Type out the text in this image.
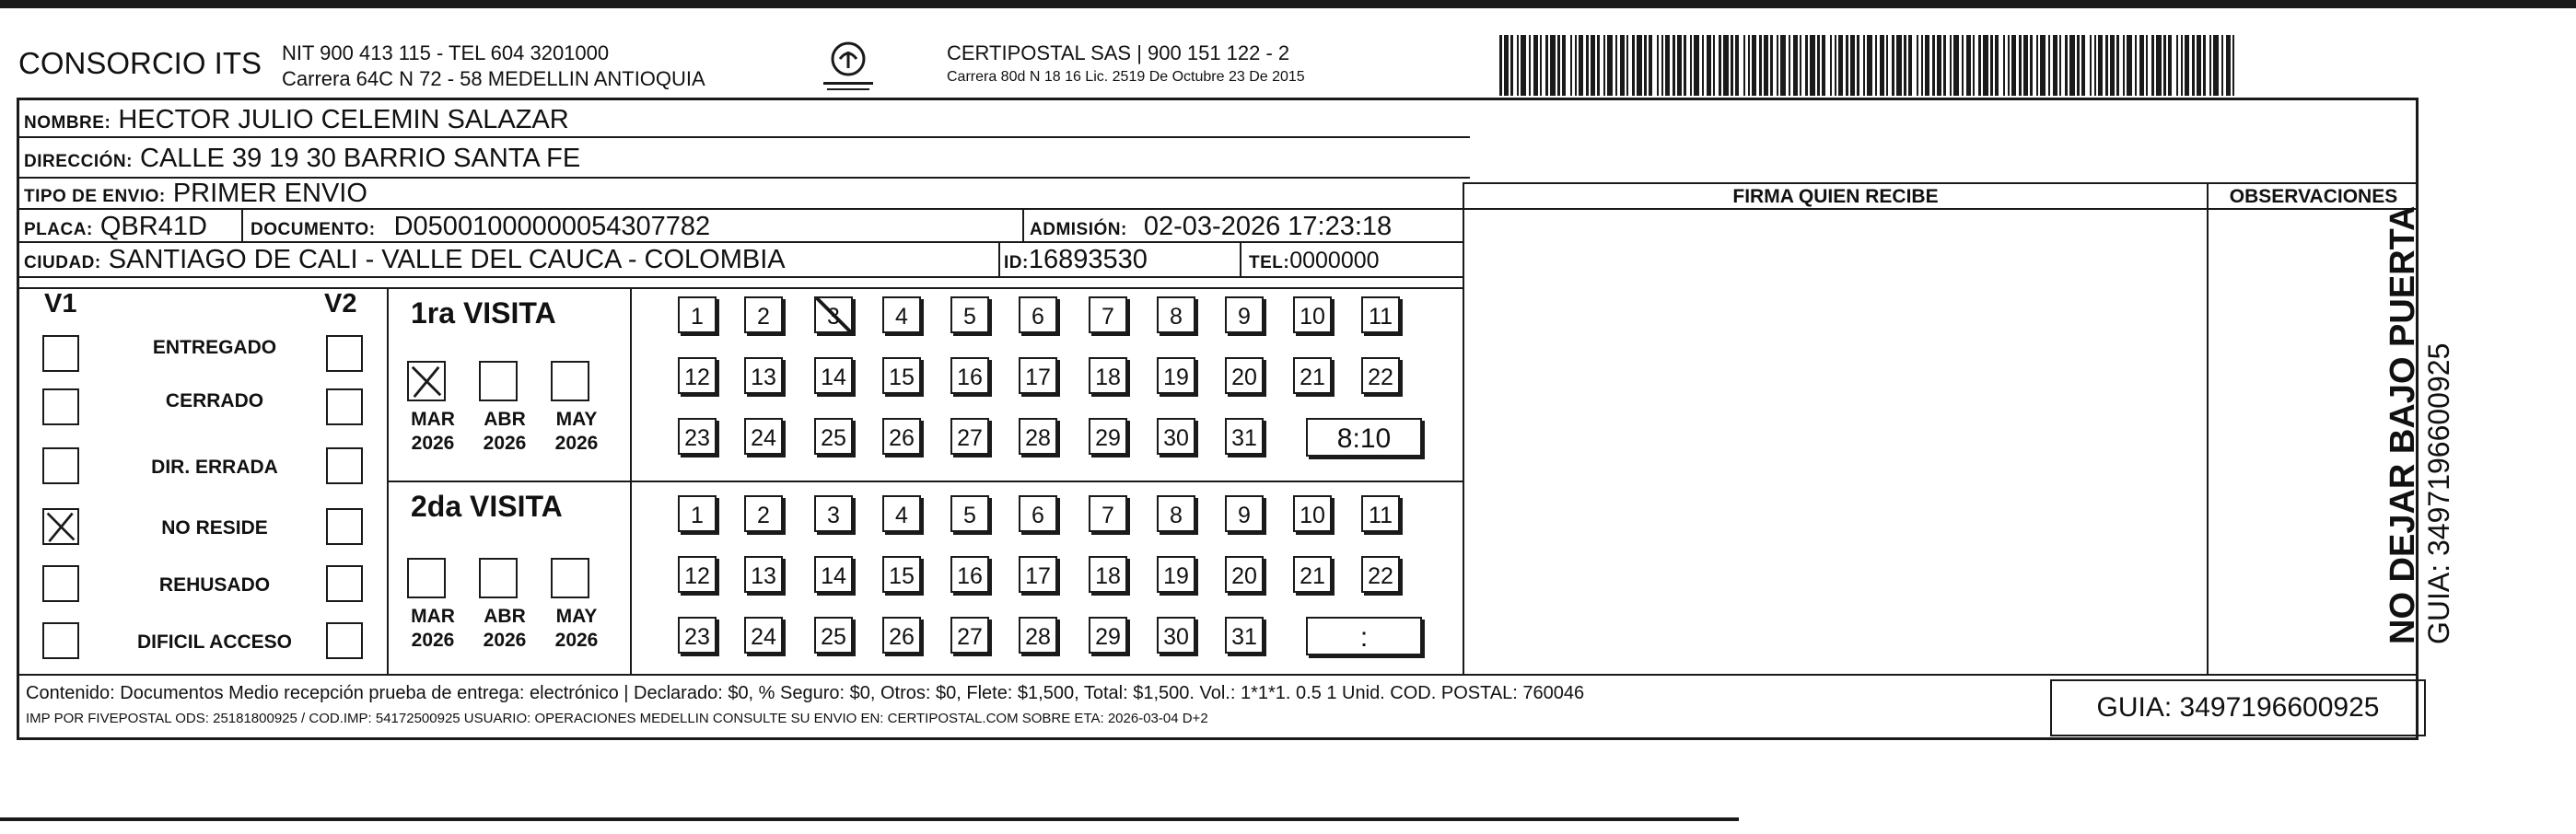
CONSORCIO ITS NIT 900 413 115 - TEL 604 3201000
Carrera 64C N 72 - 58 MEDELLIN ANTIOQUIA
CERTIPOSTAL SAS | 900 151 122 - 2
Carrera 80d N 18 16 Lic. 2519 De Octubre 23 De 2015
FIRMA QUIEN RECIBE	OBSERVACIONES
NOMBRE: HECTOR JULIO CELEMIN SALAZAR
DIRECCIÓN: CALLE 39 19 30 BARRIO SANTA FE
TIPO DE ENVIO: PRIMER ENVIO
PLACA: QBR41D DOCUMENTO: D05001000000054307782	ADMISIÓN: 02-03-2026 17:23:18
CIUDAD: SANTIAGO DE CALI - VALLE DEL CAUCA - COLOMBIA	ID:16893530	TEL:0000000
V1	V2
ENTREGADO
CERRADO
DIR. ERRADA
NO RESIDE
REHUSADO
DIFICIL ACCESO
1ra VISITA
2da VISITA
MAR
2026
ABR
2026
MAY
2026
MAR
2026
ABR
2026
MAY
2026
1	2	3	4	5	6	7	8	9	10	11
12 13 14 15 16 17 18 19 20 21 22
23 24 25 26 27 28 29 30 31	8:10
1	2	3	4	5	6	7	8	9	10	11
12 13 14 15 16 17 18 19 20 21 22
23 24 25 26 27 28 29 30 31	:
Contenido: Documentos Medio recepción prueba de entrega: electrónico | Declarado: $0, % Seguro: $0, Otros: $0, Flete: $1,500, Total: $1,500. Vol.: 1*1*1. 0.5 1 Unid. COD. POSTAL: 760046
IMP POR FIVEPOSTAL ODS: 25181800925 / COD.IMP: 54172500925 USUARIO: OPERACIONES MEDELLIN CONSULTE SU ENVIO EN: CERTIPOSTAL.COM SOBRE ETA: 2026-03-04 D+2	GUIA: 3497196600925
NO DEJAR BAJO PUERTA GUIA: 3497196600925
